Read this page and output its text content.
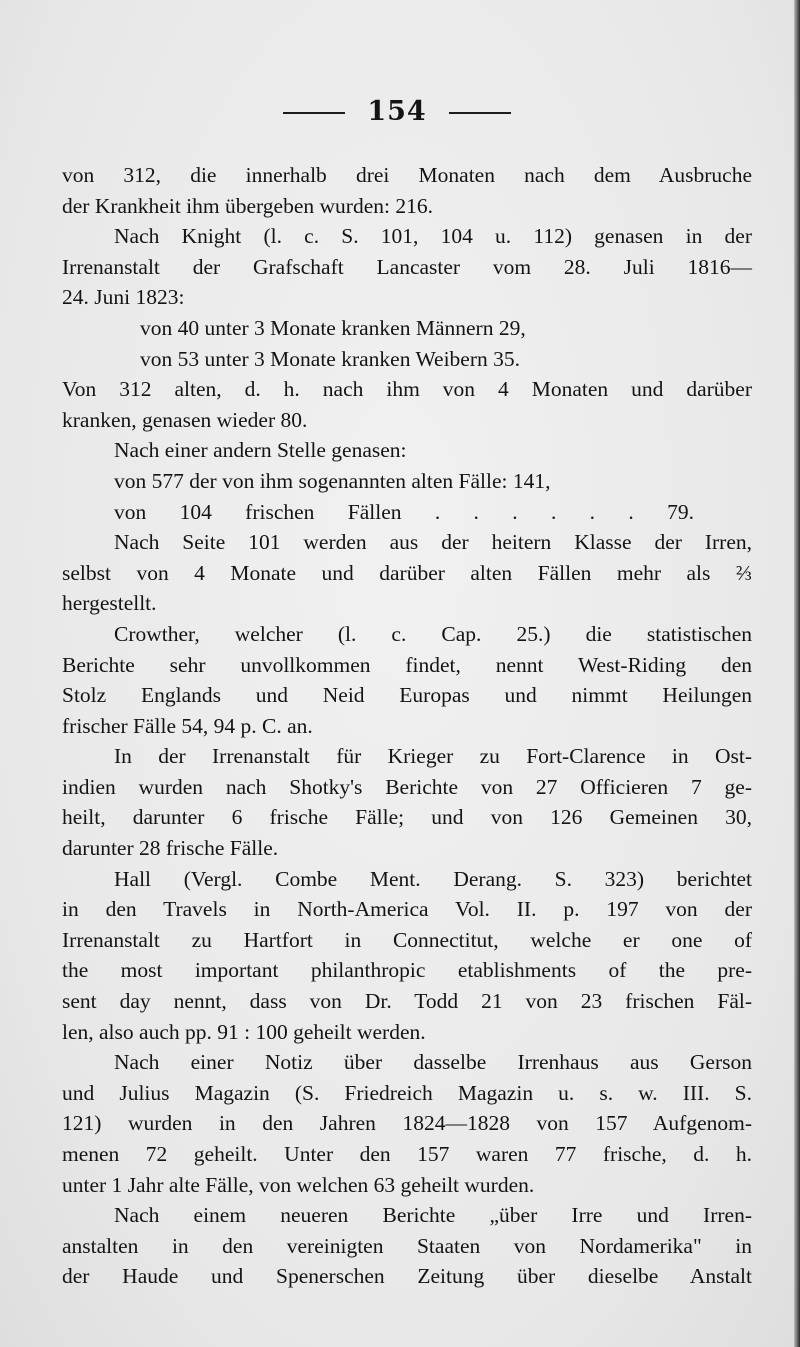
154
von 312, die innerhalb drei Monaten nach dem Ausbruche
der Krankheit ihm übergeben wurden: 216.
Nach Knight (l. c. S. 101, 104 u. 112) genasen in der
Irrenanstalt der Grafschaft Lancaster vom 28. Juli 1816—
24. Juni 1823:
von 40 unter 3 Monate kranken Männern 29,
von 53 unter 3 Monate kranken Weibern 35.
Von 312 alten, d. h. nach ihm von 4 Monaten und darüber
kranken, genasen wieder 80.
Nach einer andern Stelle genasen:
von 577 der von ihm sogenannten alten Fälle: 141,
von 104 frischen Fällen . . . . . . 79.
Nach Seite 101 werden aus der heitern Klasse der Irren,
selbst von 4 Monate und darüber alten Fällen mehr als ⅔
hergestellt.
Crowther, welcher (l. c. Cap. 25.) die statistischen
Berichte sehr unvollkommen findet, nennt West-Riding den
Stolz Englands und Neid Europas und nimmt Heilungen
frischer Fälle 54, 94 p. C. an.
In der Irrenanstalt für Krieger zu Fort-Clarence in Ost-
indien wurden nach Shotky's Berichte von 27 Officieren 7 ge-
heilt, darunter 6 frische Fälle; und von 126 Gemeinen 30,
darunter 28 frische Fälle.
Hall (Vergl. Combe Ment. Derang. S. 323) berichtet
in den Travels in North-America Vol. II. p. 197 von der
Irrenanstalt zu Hartfort in Connectitut, welche er one of
the most important philanthropic etablishments of the pre-
sent day nennt, dass von Dr. Todd 21 von 23 frischen Fäl-
len, also auch pp. 91 : 100 geheilt werden.
Nach einer Notiz über dasselbe Irrenhaus aus Gerson
und Julius Magazin (S. Friedreich Magazin u. s. w. III. S.
121) wurden in den Jahren 1824—1828 von 157 Aufgenom-
menen 72 geheilt. Unter den 157 waren 77 frische, d. h.
unter 1 Jahr alte Fälle, von welchen 63 geheilt wurden.
Nach einem neueren Berichte „über Irre und Irren-
anstalten in den vereinigten Staaten von Nordamerika" in
der Haude und Spenerschen Zeitung über dieselbe Anstalt
